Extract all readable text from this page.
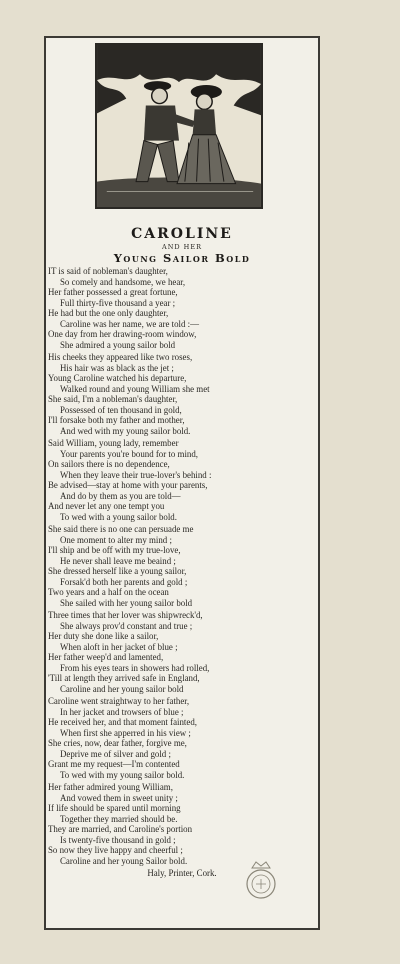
CAROLINE
AND HER
Young Sailor Bold
IT is said of nobleman's daughter,
So comely and handsome, we hear,
Her father possessed a great fortune,
Full thirty-five thousand a year ;
He had but the one only daughter,
Caroline was her name, we are told :—
One day from her drawing-room window,
She admired a young sailor bold
His cheeks they appeared like two roses,
His hair was as black as the jet ;
Young Caroline watched his departure,
Walked round and young William she met
She said, I'm a nobleman's daughter,
Possessed of ten thousand in gold,
I'll forsake both my father and mother,
And wed with my young sailor bold.
Said William, young lady, remember
Your parents you're bound for to mind,
On sailors there is no dependence,
When they leave their true-lover's behind :
Be advised—stay at home with your parents,
And do by them as you are told—
And never let any one tempt you
To wed with a young sailor bold.
She said there is no one can persuade me
One moment to alter my mind ;
I'll ship and be off with my true-love,
He never shall leave me beaind ;
She dressed herself like a young sailor,
Forsak'd both her parents and gold ;
Two years and a half on the ocean
She sailed with her young sailor bold
Three times that her lover was shipwreck'd,
She always prov'd constant and true ;
Her duty she done like a sailor,
When aloft in her jacket of blue ;
Her father weep'd and lamented,
From his eyes tears in showers had rolled,
'Till at length they arrived safe in England,
Caroline and her young sailor bold
Caroline went straightway to her father,
In her jacket and trowsers of blue ;
He received her, and that moment fainted,
When first she apperred in his view ;
She cries, now, dear father, forgive me,
Deprive me of silver and gold ;
Grant me my request—I'm contented
To wed with my young sailor bold.
Her father admired young William,
And vowed them in sweet unity ;
If life should be spared until morning
Together they married should be.
They are married, and Caroline's portion
Is twenty-five thousand in gold ;
So now they live happy and cheerful ;
Caroline and her young Sailor bold.
Haly, Printer, Cork.
